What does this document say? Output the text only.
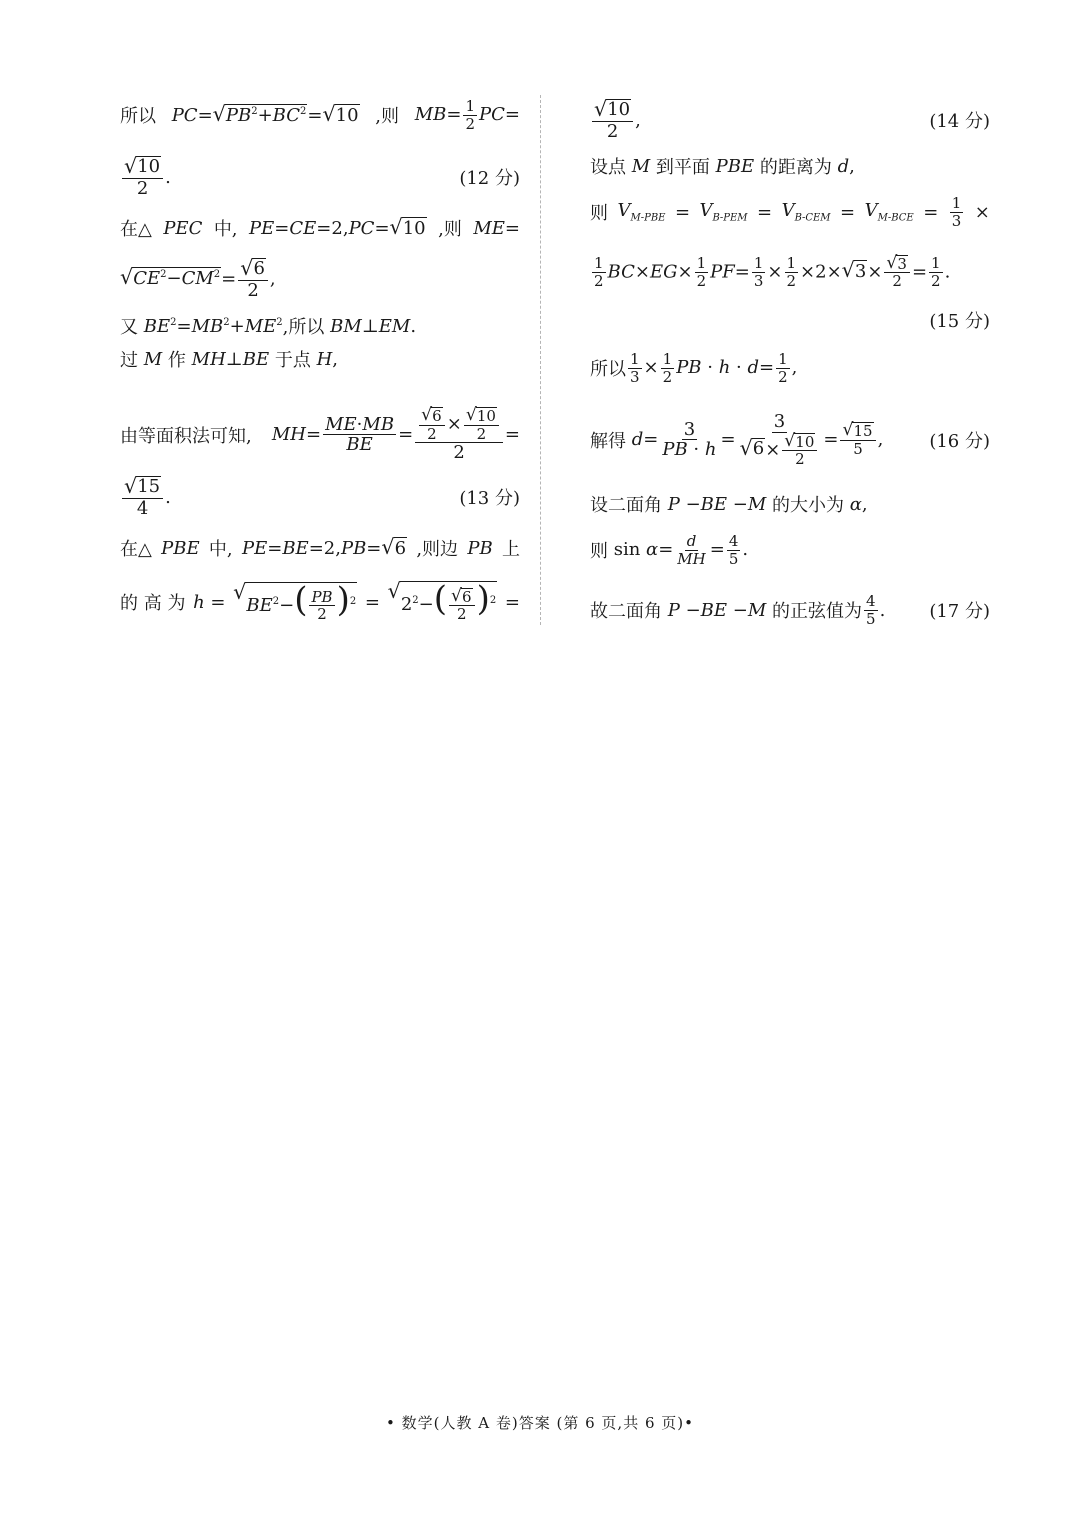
所以 PC= √ $PB^2+BC^2$ = √ 10 ,则 $MB= \frac{1}{2} PC=$
$\frac{√ 10}{2}$ .	(12 分)
在△ PEC 中, PE=CE=2,PC= √ 10 ,则 ME=
√ $CE^2-CM^2 = \frac{√ 6}{2}$ ,
又
$BE^2=MB^2+ME^2$ ,所以
BM⊥EM.
过
M
作
MH⊥BE
于点
H ,
由等面积法可知, $MH= \frac{ME\cdot MB}{BE} = \frac{\frac{√ 6}{2} \times \frac{√ 10}{2}}{2}$ =
$\frac{√ 15}{4}$ .	(13 分)
在△ PBE 中, PE=BE=2,PB= √ 6 ,则边 PB 上
的 高 为 h = √
$BE^2-( \frac{PB}{2} )^2$ = √
$2^2-( \frac{√ 6}{2} )^2$ =
$\frac{√ 10}{2}$ ,	(14 分)
设点
M
到平面
PBE
的距离为
d ,
则 $V_{M-PBE} = V_{B-PEM} = V_{B-CEM} = V_{M-BCE} = \frac{1}{3}$ ×
$\frac{1}{2} BC\times EG\times \frac{1}{2} PF= \frac{1}{3} \times \frac{1}{2} \times 2\times$ √ $3 \times \frac{√ 3}{2} = \frac{1}{2}$ .
(15 分)
所以 $\frac{1}{3} \times \frac{1}{2}$ PB · $h \cdot d= \frac{1}{2}$ ,
解得
$d= \frac{3}{PB \cdot h} = \frac{3}{√ 6 \times \frac{√ 10}{2}} = \frac{√ 15}{5}$ ,	(16 分)
设二面角
P −BE −M
的大小为
α ,
则
$\sin \alpha= \frac{d}{MH} = \frac{4}{5}$ .
故二面角
P −BE −M
的正弦值为 $\frac{4}{5}$ . (17 分)
• 数学(人教 A 卷)答案 (第 6 页,共 6 页)•
